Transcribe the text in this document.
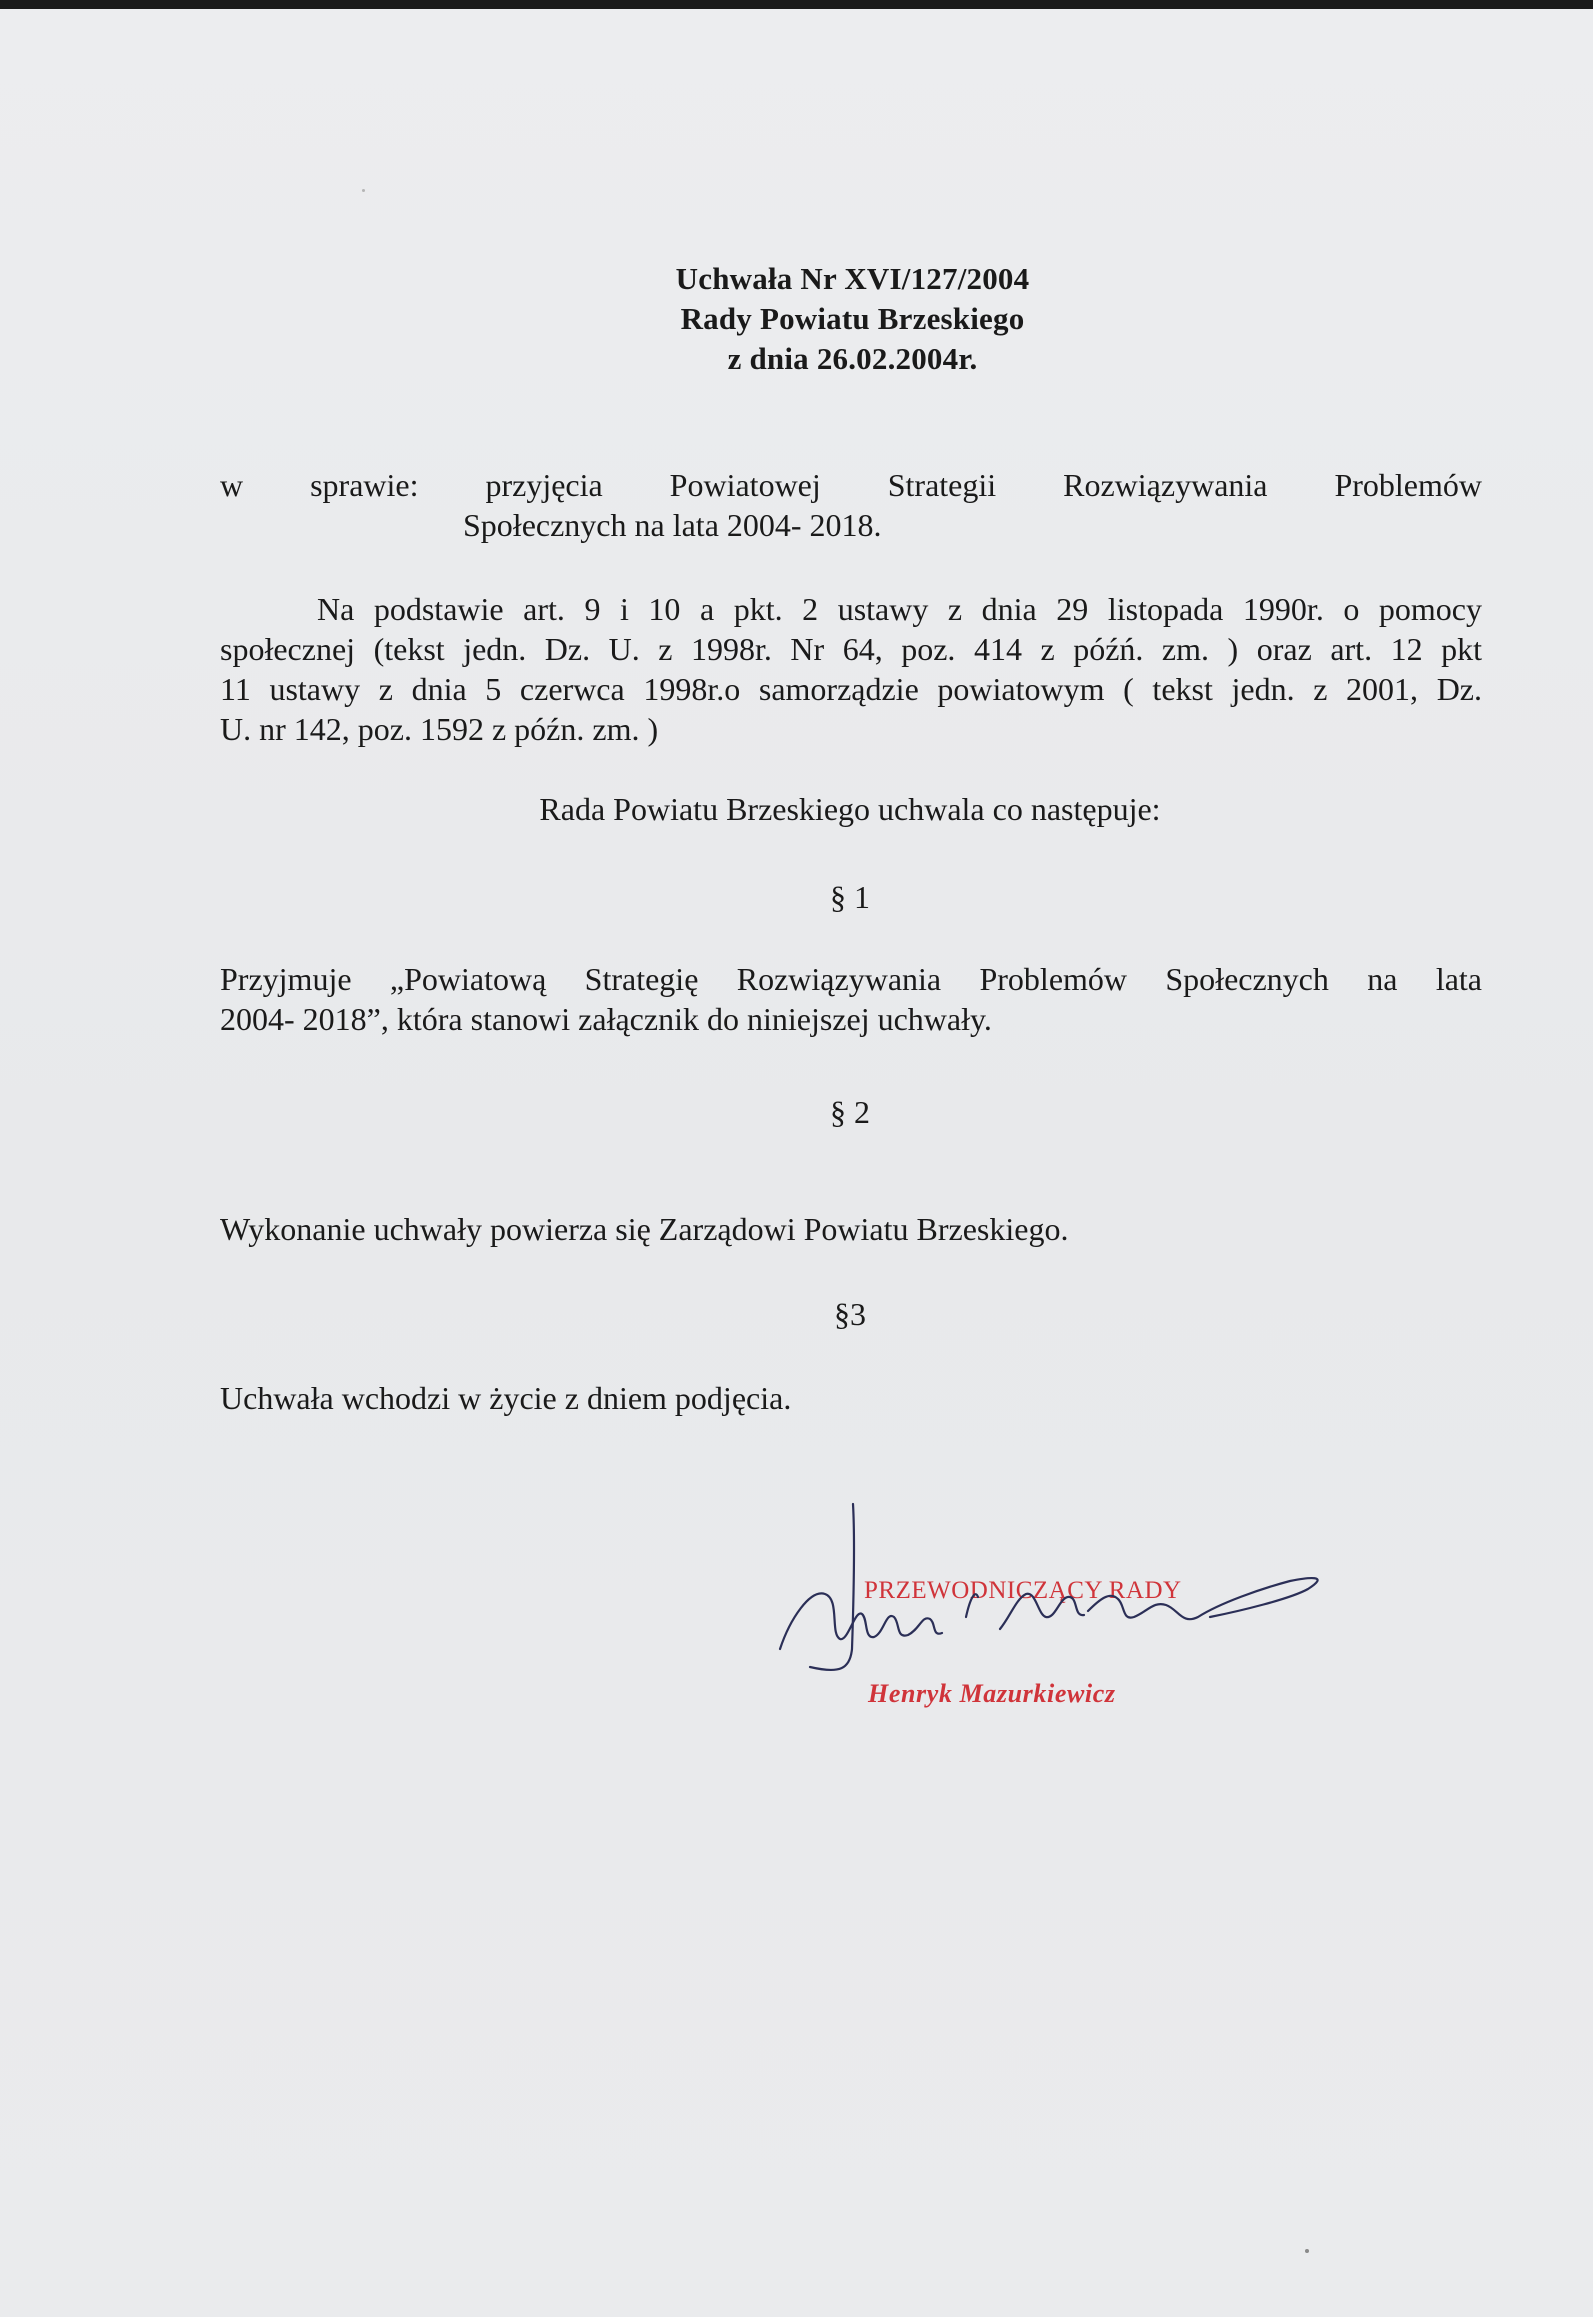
Uchwała Nr XVI/127/2004
Rady Powiatu Brzeskiego
z dnia 26.02.2004r.
w sprawie: przyjęcia Powiatowej Strategii Rozwiązywania Problemów
Społecznych na lata 2004- 2018.
Na podstawie art. 9 i 10 a pkt. 2 ustawy z dnia 29 listopada 1990r. o pomocy
społecznej (tekst jedn. Dz. U. z 1998r. Nr 64, poz. 414 z późń. zm. ) oraz art. 12 pkt
11 ustawy z dnia 5 czerwca 1998r.o samorządzie powiatowym ( tekst jedn. z 2001, Dz.
U. nr 142, poz. 1592 z późn. zm. )
Rada Powiatu Brzeskiego uchwala co następuje:
§ 1
Przyjmuje „Powiatową Strategię Rozwiązywania Problemów Społecznych na lata
2004- 2018”, która stanowi załącznik do niniejszej uchwały.
§ 2
Wykonanie uchwały powierza się Zarządowi Powiatu Brzeskiego.
§3
Uchwała wchodzi w życie z dniem podjęcia.
PRZEWODNICZĄCY RADY
Henryk Mazurkiewicz
